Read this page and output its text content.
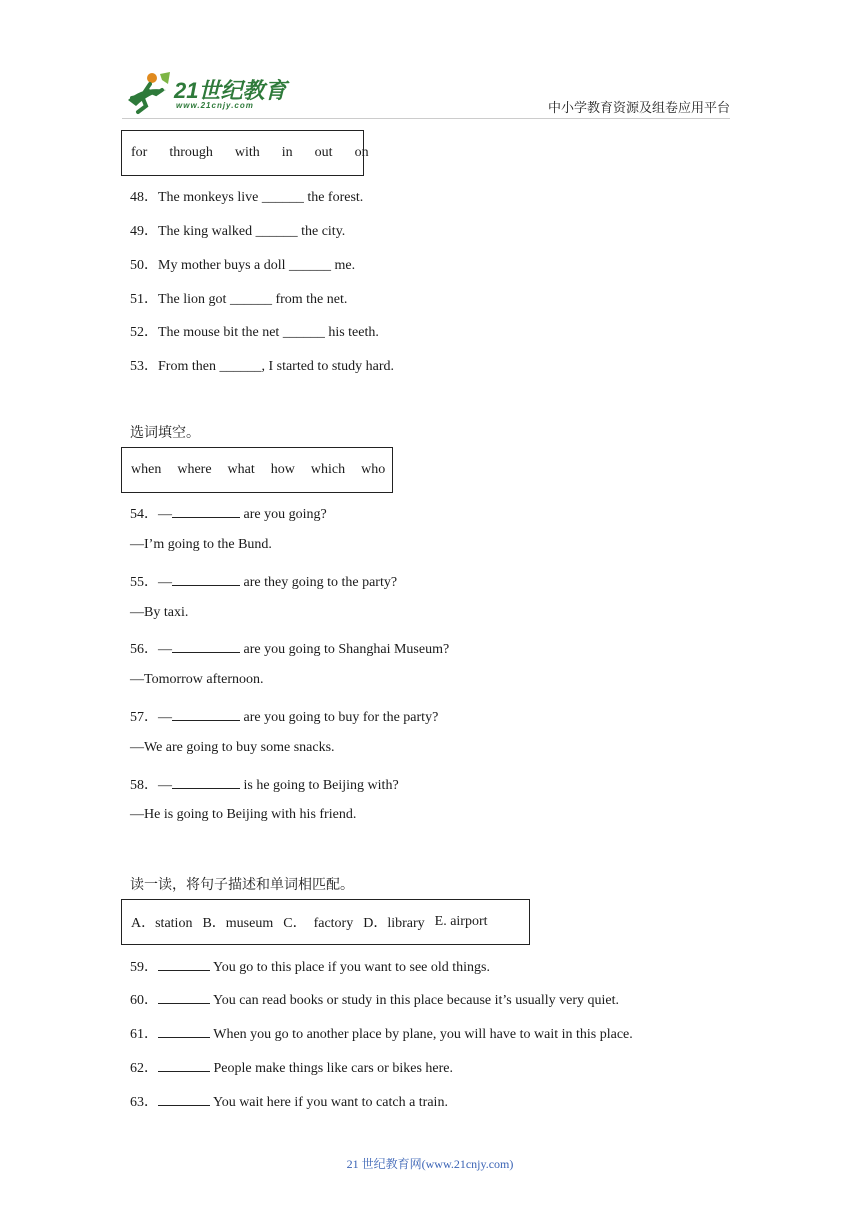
21世纪教育
www.21cnjy.com	中小学教育资源及组卷应用平台
for through with in out on
48．The monkeys live ______ the forest.
49．The king walked ______ the city.
50．My mother buys a doll ______ me.
51．The lion got ______ from the net.
52．The mouse bit the net ______ his teeth.
53．From then ______, I started to study hard.
选词填空。
when where what how which who
54．—	are you going?
—I’m going to the Bund.
55．—	are they going to the party?
—By taxi.
56．—	are you going to Shanghai Museum?
—Tomorrow afternoon.
57．—	are you going to buy for the party?
—We are going to buy some snacks.
58．—	is he going to Beijing with?
—He is going to Beijing with his friend.
读一读，将句子描述和单词相匹配。
A．station B．museum C．  factory D．library E. airport
59．	You go to this place if you want to see old things.
60．	You can read books or study in this place because it’s usually very quiet.
61．	When you go to another place by plane, you will have to wait in this place.
62．	People make things like cars or bikes here.
63．	You wait here if you want to catch a train.
21 世纪教育网(www.21cnjy.com)
